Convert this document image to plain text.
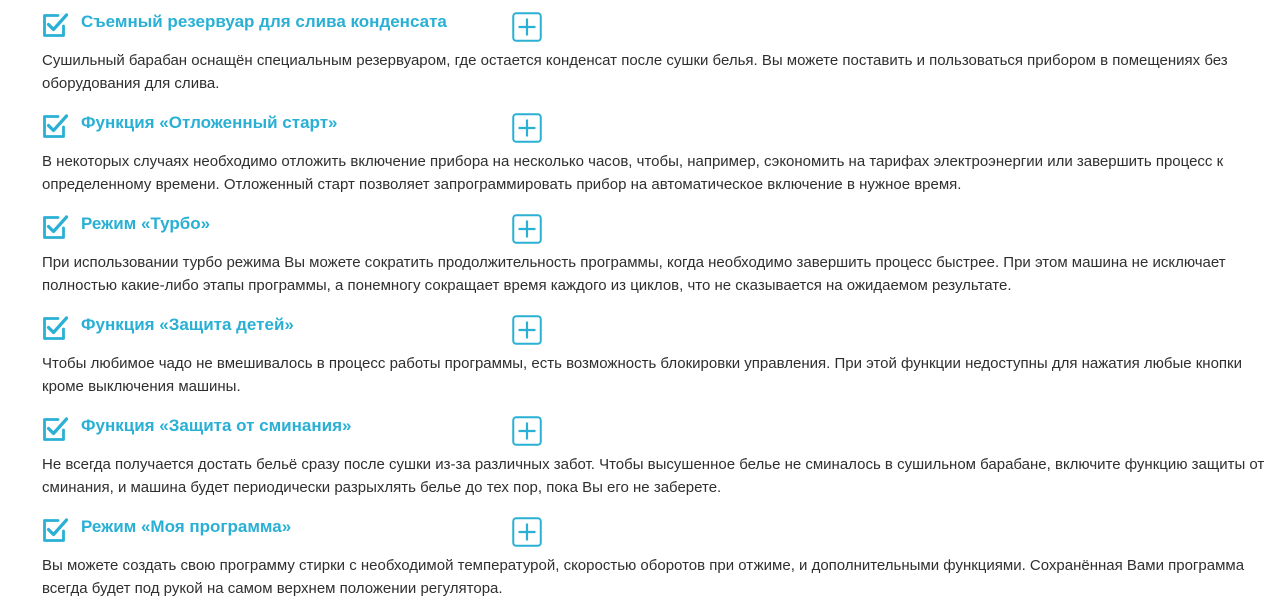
Съемный резервуар для слива конденсата

Сушильный барабан оснащён специальным резервуаром, где остается конденсат после сушки белья. Вы можете поставить и пользоваться прибором в помещениях без оборудования для слива.

Функция «Отложенный старт»

В некоторых случаях необходимо отложить включение прибора на несколько часов, чтобы, например, сэкономить на тарифах электроэнергии или завершить процесс к определенному времени. Отложенный старт позволяет запрограммировать прибор на автоматическое включение в нужное время.

Режим «Турбо»

При использовании турбо режима Вы можете сократить продолжительность программы, когда необходимо завершить процесс быстрее. При этом машина не исключает полностью какие-либо этапы программы, а понемногу сокращает время каждого из циклов, что не сказывается на ожидаемом результате.

Функция «Защита детей»

Чтобы любимое чадо не вмешивалось в процесс работы программы, есть возможность блокировки управления. При этой функции недоступны для нажатия любые кнопки кроме выключения машины.

Функция «Защита от сминания»

Не всегда получается достать бельё сразу после сушки из-за различных забот. Чтобы высушенное белье не сминалось в сушильном барабане, включите функцию защиты от сминания, и машина будет периодически разрыхлять белье до тех пор, пока Вы его не заберете.

Режим «Моя программа»

Вы можете создать свою программу стирки с необходимой температурой, скоростью оборотов при отжиме, и дополнительными функциями. Сохранённая Вами программа всегда будет под рукой на самом верхнем положении регулятора.
